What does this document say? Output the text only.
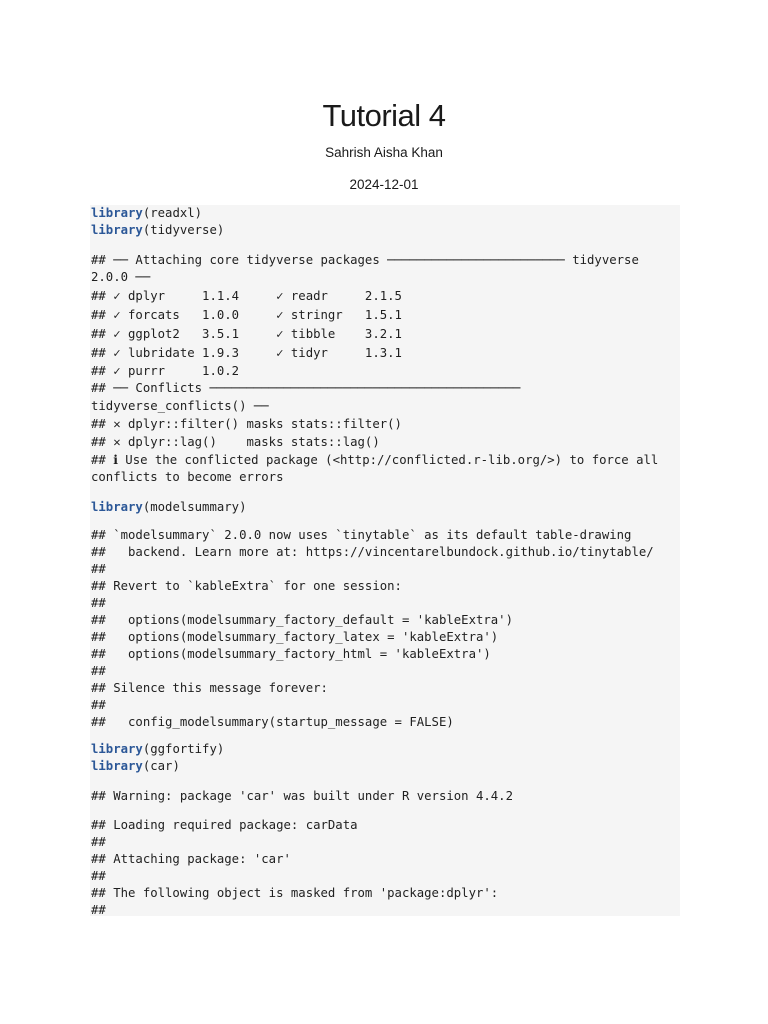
Tutorial 4
Sahrish Aisha Khan
2024-12-01
library(readxl)
library(tidyverse)
## ── Attaching core tidyverse packages ──────────────────────── tidyverse
2.0.0 ──
## ✓ dplyr     1.1.4     ✓ readr     2.1.5
## ✓ forcats   1.0.0     ✓ stringr   1.5.1
## ✓ ggplot2   3.5.1     ✓ tibble    3.2.1
## ✓ lubridate 1.9.3     ✓ tidyr     1.3.1
## ✓ purrr     1.0.2
## ── Conflicts ──────────────────────────────────────────
tidyverse_conflicts() ──
## ✕ dplyr::filter() masks stats::filter()
## ✕ dplyr::lag()    masks stats::lag()
## ℹ Use the conflicted package (<http://conflicted.r-lib.org/>) to force all
conflicts to become errors
library(modelsummary)
## `modelsummary` 2.0.0 now uses `tinytable` as its default table-drawing
##   backend. Learn more at: https://vincentarelbundock.github.io/tinytable/
##
## Revert to `kableExtra` for one session:
##
##   options(modelsummary_factory_default = 'kableExtra')
##   options(modelsummary_factory_latex = 'kableExtra')
##   options(modelsummary_factory_html = 'kableExtra')
##
## Silence this message forever:
##
##   config_modelsummary(startup_message = FALSE)
library(ggfortify)
library(car)
## Warning: package 'car' was built under R version 4.4.2
## Loading required package: carData
##
## Attaching package: 'car'
##
## The following object is masked from 'package:dplyr':
##
